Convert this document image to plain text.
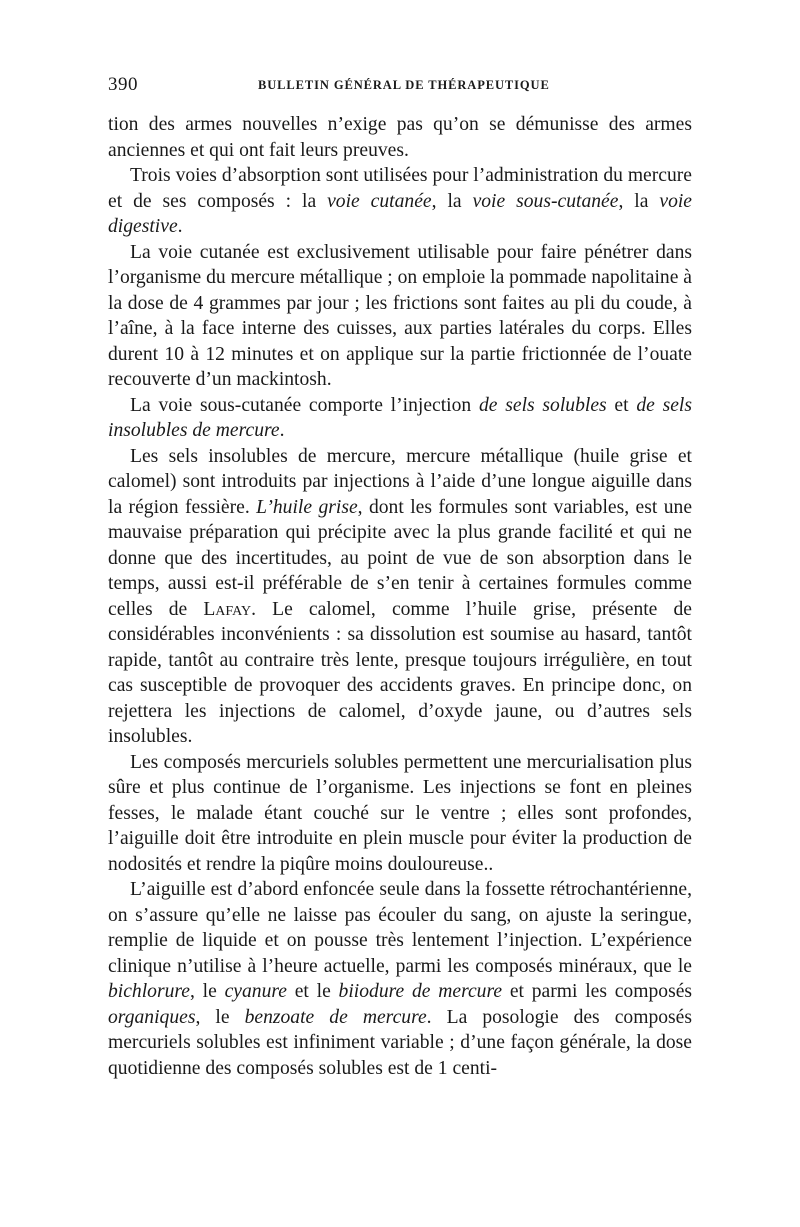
390	BULLETIN GÉNÉRAL DE THÉRAPEUTIQUE

tion des armes nouvelles n’exige pas qu’on se démunisse des armes anciennes et qui ont fait leurs preuves.

Trois voies d’absorption sont utilisées pour l’administration du mercure et de ses composés : la voie cutanée, la voie sous-cutanée, la voie digestive.

La voie cutanée est exclusivement utilisable pour faire pénétrer dans l’organisme du mercure métallique ; on emploie la pommade napolitaine à la dose de 4 grammes par jour ; les frictions sont faites au pli du coude, à l’aîne, à la face interne des cuisses, aux parties latérales du corps. Elles durent 10 à 12 minutes et on applique sur la partie frictionnée de l’ouate recouverte d’un mackintosh.

La voie sous-cutanée comporte l’injection de sels solubles et de sels insolubles de mercure.

Les sels insolubles de mercure, mercure métallique (huile grise et calomel) sont introduits par injections à l’aide d’une longue aiguille dans la région fessière. L’huile grise, dont les formules sont variables, est une mauvaise préparation qui précipite avec la plus grande facilité et qui ne donne que des incertitudes, au point de vue de son absorption dans le temps, aussi est-il préférable de s’en tenir à certaines formules comme celles de Lafay. Le calomel, comme l’huile grise, présente de considérables inconvénients : sa dissolution est soumise au hasard, tantôt rapide, tantôt au contraire très lente, presque toujours irrégulière, en tout cas susceptible de provoquer des accidents graves. En principe donc, on rejettera les injections de calomel, d’oxyde jaune, ou d’autres sels insolubles.

Les composés mercuriels solubles permettent une mercurialisation plus sûre et plus continue de l’organisme. Les injections se font en pleines fesses, le malade étant couché sur le ventre ; elles sont profondes, l’aiguille doit être introduite en plein muscle pour éviter la production de nodosités et rendre la piqûre moins douloureuse..

L’aiguille est d’abord enfoncée seule dans la fossette rétrochantérienne, on s’assure qu’elle ne laisse pas écouler du sang, on ajuste la seringue, remplie de liquide et on pousse très lentement l’injection. L’expérience clinique n’utilise à l’heure actuelle, parmi les composés minéraux, que le bichlorure, le cyanure et le biiodure de mercure et parmi les composés organiques, le benzoate de mercure. La posologie des composés mercuriels solubles est infiniment variable ; d’une façon générale, la dose quotidienne des composés solubles est de 1 centi-
